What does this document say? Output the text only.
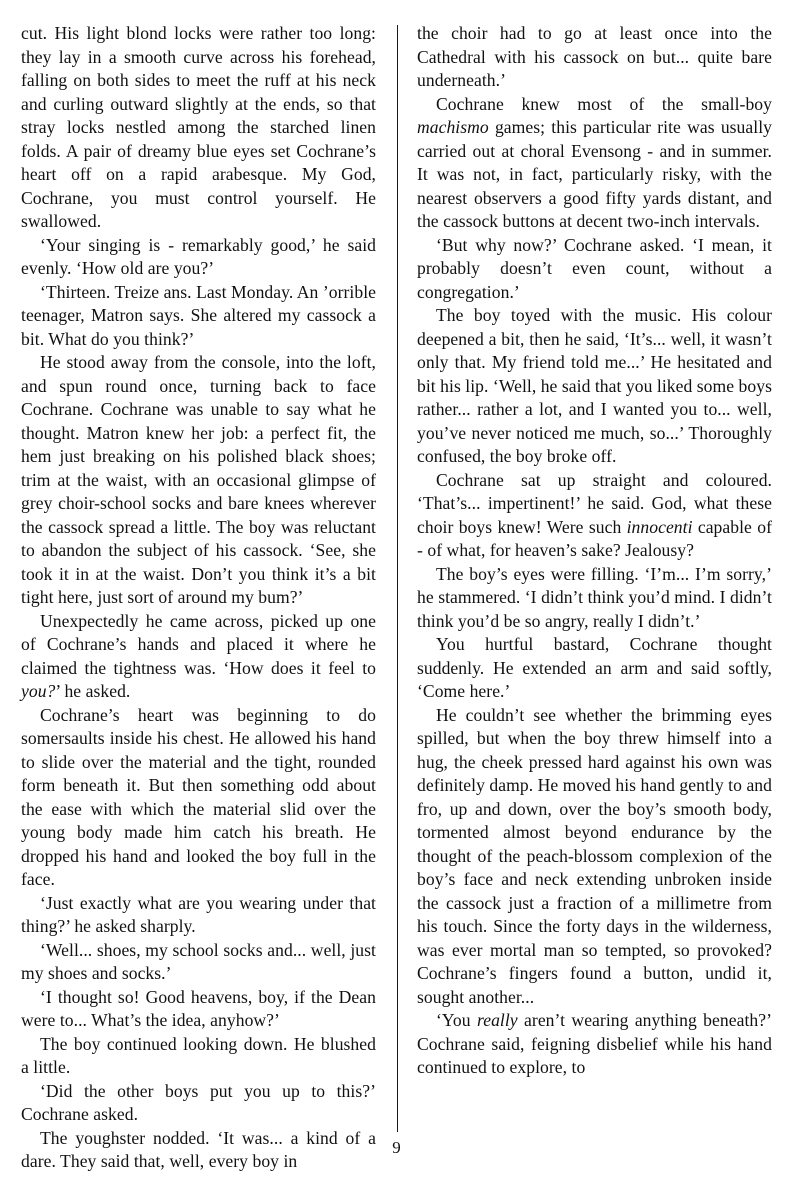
cut. His light blond locks were rather too long: they lay in a smooth curve across his forehead, falling on both sides to meet the ruff at his neck and curling outward slightly at the ends, so that stray locks nestled among the starched linen folds. A pair of dreamy blue eyes set Cochrane’s heart off on a rapid arabesque. My God, Cochrane, you must control yourself. He swallowed.

‘Your singing is - remarkably good,’ he said evenly. ‘How old are you?’

‘Thirteen. Treize ans. Last Monday. An ’orrible teenager, Matron says. She altered my cassock a bit. What do you think?’

He stood away from the console, into the loft, and spun round once, turning back to face Cochrane. Cochrane was unable to say what he thought. Matron knew her job: a perfect fit, the hem just breaking on his polished black shoes; trim at the waist, with an occasional glimpse of grey choir-school socks and bare knees wherever the cassock spread a little. The boy was reluctant to abandon the subject of his cassock. ‘See, she took it in at the waist. Don’t you think it’s a bit tight here, just sort of around my bum?’

Unexpectedly he came across, picked up one of Cochrane’s hands and placed it where he claimed the tightness was. ‘How does it feel to you?’ he asked.

Cochrane’s heart was beginning to do somersaults inside his chest. He allowed his hand to slide over the material and the tight, rounded form beneath it. But then something odd about the ease with which the material slid over the young body made him catch his breath. He dropped his hand and looked the boy full in the face.

‘Just exactly what are you wearing under that thing?’ he asked sharply.

‘Well... shoes, my school socks and... well, just my shoes and socks.’

‘I thought so! Good heavens, boy, if the Dean were to... What’s the idea, anyhow?’

The boy continued looking down. He blushed a little.

‘Did the other boys put you up to this?’ Cochrane asked.

The youghster nodded. ‘It was... a kind of a dare. They said that, well, every boy in

the choir had to go at least once into the Cathedral with his cassock on but... quite bare underneath.’

Cochrane knew most of the small-boy machismo games; this particular rite was usually carried out at choral Evensong - and in summer. It was not, in fact, particularly risky, with the nearest observers a good fifty yards distant, and the cassock buttons at decent two-inch intervals.

‘But why now?’ Cochrane asked. ‘I mean, it probably doesn’t even count, without a congregation.’

The boy toyed with the music. His colour deepened a bit, then he said, ‘It’s... well, it wasn’t only that. My friend told me...’ He hesitated and bit his lip. ‘Well, he said that you liked some boys rather... rather a lot, and I wanted you to... well, you’ve never noticed me much, so...’ Thoroughly confused, the boy broke off.

Cochrane sat up straight and coloured. ‘That’s... impertinent!’ he said. God, what these choir boys knew! Were such innocenti capable of - of what, for heaven’s sake? Jealousy?

The boy’s eyes were filling. ‘I’m... I’m sorry,’ he stammered. ‘I didn’t think you’d mind. I didn’t think you’d be so angry, really I didn’t.’

You hurtful bastard, Cochrane thought suddenly. He extended an arm and said softly, ‘Come here.’

He couldn’t see whether the brimming eyes spilled, but when the boy threw himself into a hug, the cheek pressed hard against his own was definitely damp. He moved his hand gently to and fro, up and down, over the boy’s smooth body, tormented almost beyond endurance by the thought of the peach-blossom complexion of the boy’s face and neck extending unbroken inside the cassock just a fraction of a millimetre from his touch. Since the forty days in the wilderness, was ever mortal man so tempted, so provoked? Cochrane’s fingers found a button, undid it, sought another...

‘You really aren’t wearing anything beneath?’ Cochrane said, feigning disbelief while his hand continued to explore, to

9
